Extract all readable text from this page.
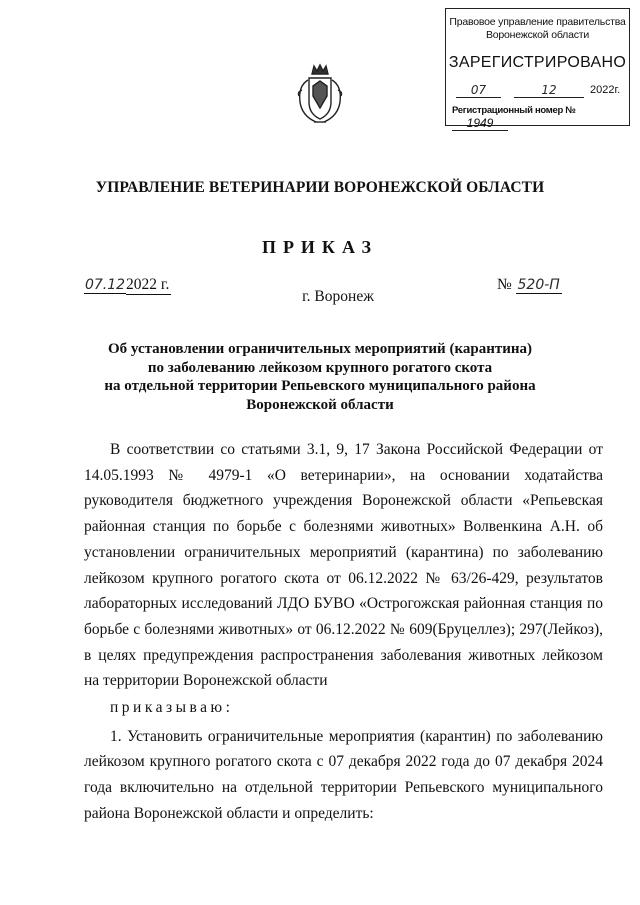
Правовое управление правительства
Воронежской области
ЗАРЕГИСТРИРОВАНО
07	12	2022г.
Регистрационный номер № 1949
УПРАВЛЕНИЕ ВЕТЕРИНАРИИ ВОРОНЕЖСКОЙ ОБЛАСТИ
ПРИКАЗ
07.122022 г.	№ 520-П
г. Воронеж
Об установлении ограничительных мероприятий (карантина)
по заболеванию лейкозом крупного рогатого скота
на отдельной территории Репьевского муниципального района
Воронежской области

В соответствии со статьями 3.1, 9, 17 Закона Российской Федерации от 14.05.1993 № 4979-1 «О ветеринарии», на основании ходатайства руководителя бюджетного учреждения Воронежской области «Репьевская районная станция по борьбе с болезнями животных» Волвенкина А.Н. об установлении ограничительных мероприятий (карантина) по заболеванию лейкозом крупного рогатого скота от 06.12.2022 № 63/26-429, результатов лабораторных исследований ЛДО БУВО «Острогожская районная станция по борьбе с болезнями животных» от 06.12.2022 № 609(Бруцеллез); 297(Лейкоз), в целях предупреждения распространения заболевания животных лейкозом на территории Воронежской области

приказываю:

1. Установить ограничительные мероприятия (карантин) по заболеванию лейкозом крупного рогатого скота с 07 декабря 2022 года до 07 декабря 2024 года включительно на отдельной территории Репьевского муниципального района Воронежской области и определить:
